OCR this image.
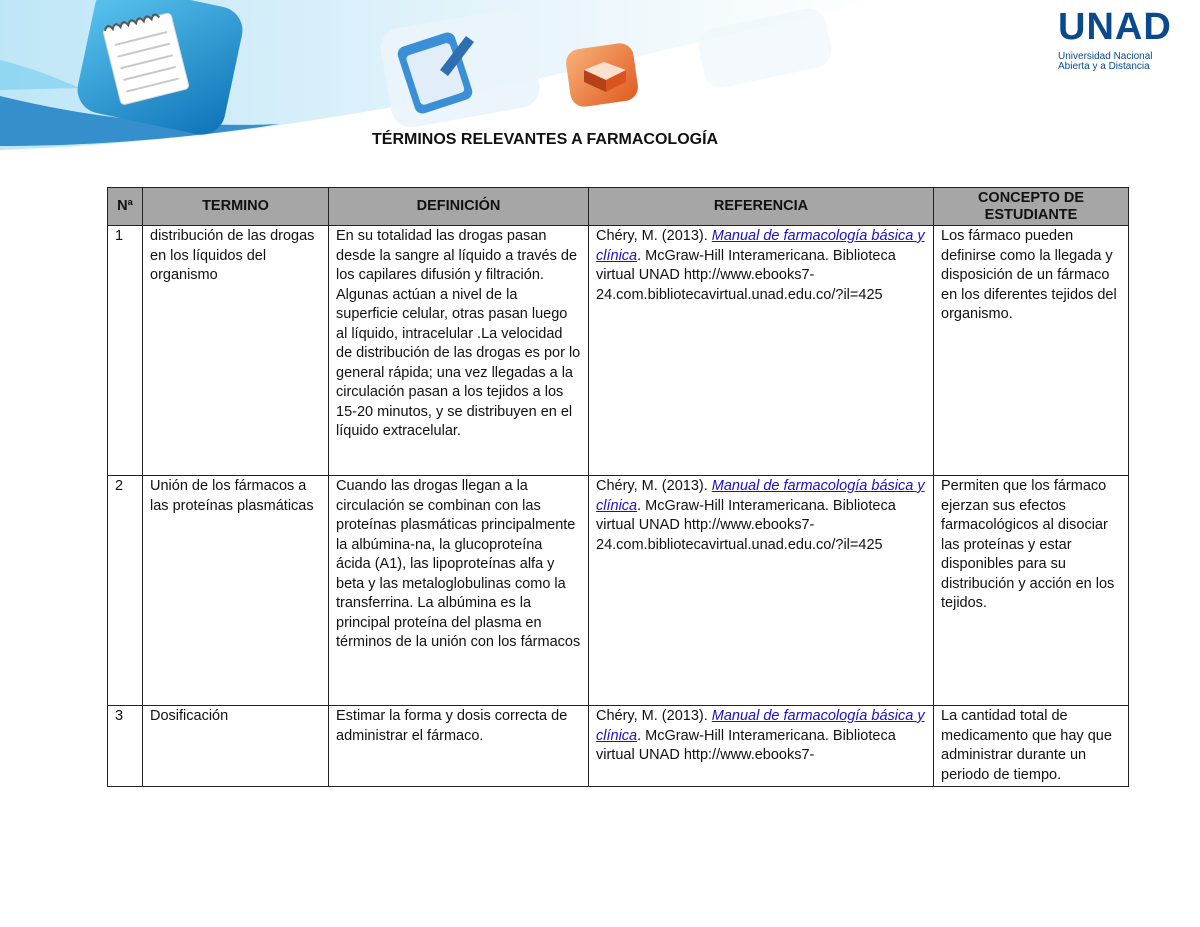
UNAD
Universidad Nacional
Abierta y a Distancia
TÉRMINOS RELEVANTES A FARMACOLOGÍA
Nª	TERMINO	DEFINICIÓN	REFERENCIA	CONCEPTO DE ESTUDIANTE
1	distribución de las drogas en los líquidos del organismo	En su totalidad las drogas pasan desde la sangre al líquido a través de los capilares difusión y filtración. Algunas actúan a nivel de la superficie celular, otras pasan luego al líquido, intracelular .La velocidad de distribución de las drogas es por lo general rápida; una vez llegadas a la circulación pasan a los tejidos a los 15-20 minutos, y se distribuyen en el líquido extracelular.	Chéry, M. (2013). Manual de farmacología básica y clínica. McGraw-Hill Interamericana. Biblioteca virtual UNAD http://www.ebooks7-24.com.bibliotecavirtual.unad.edu.co/?il=425	Los fármaco pueden definirse como la llegada y disposición de un fármaco en los diferentes tejidos del organismo.
2	Unión de los fármacos a las proteínas plasmáticas	Cuando las drogas llegan a la circulación se combinan con las proteínas plasmáticas principalmente la albúmina-na, la glucoproteína ácida (A1), las lipoproteínas alfa y beta y las metaloglobulinas como la transferrina. La albúmina es la principal proteína del plasma en términos de la unión con los fármacos	Chéry, M. (2013). Manual de farmacología básica y clínica. McGraw-Hill Interamericana. Biblioteca virtual UNAD http://www.ebooks7-24.com.bibliotecavirtual.unad.edu.co/?il=425	Permiten que los fármaco ejerzan sus efectos farmacológicos al disociar las proteínas y estar disponibles para su distribución y acción en los tejidos.
3	Dosificación	Estimar la forma y dosis correcta de administrar el fármaco.	Chéry, M. (2013). Manual de farmacología básica y clínica. McGraw-Hill Interamericana. Biblioteca virtual UNAD http://www.ebooks7-	La cantidad total de medicamento que hay que administrar durante un periodo de tiempo.
